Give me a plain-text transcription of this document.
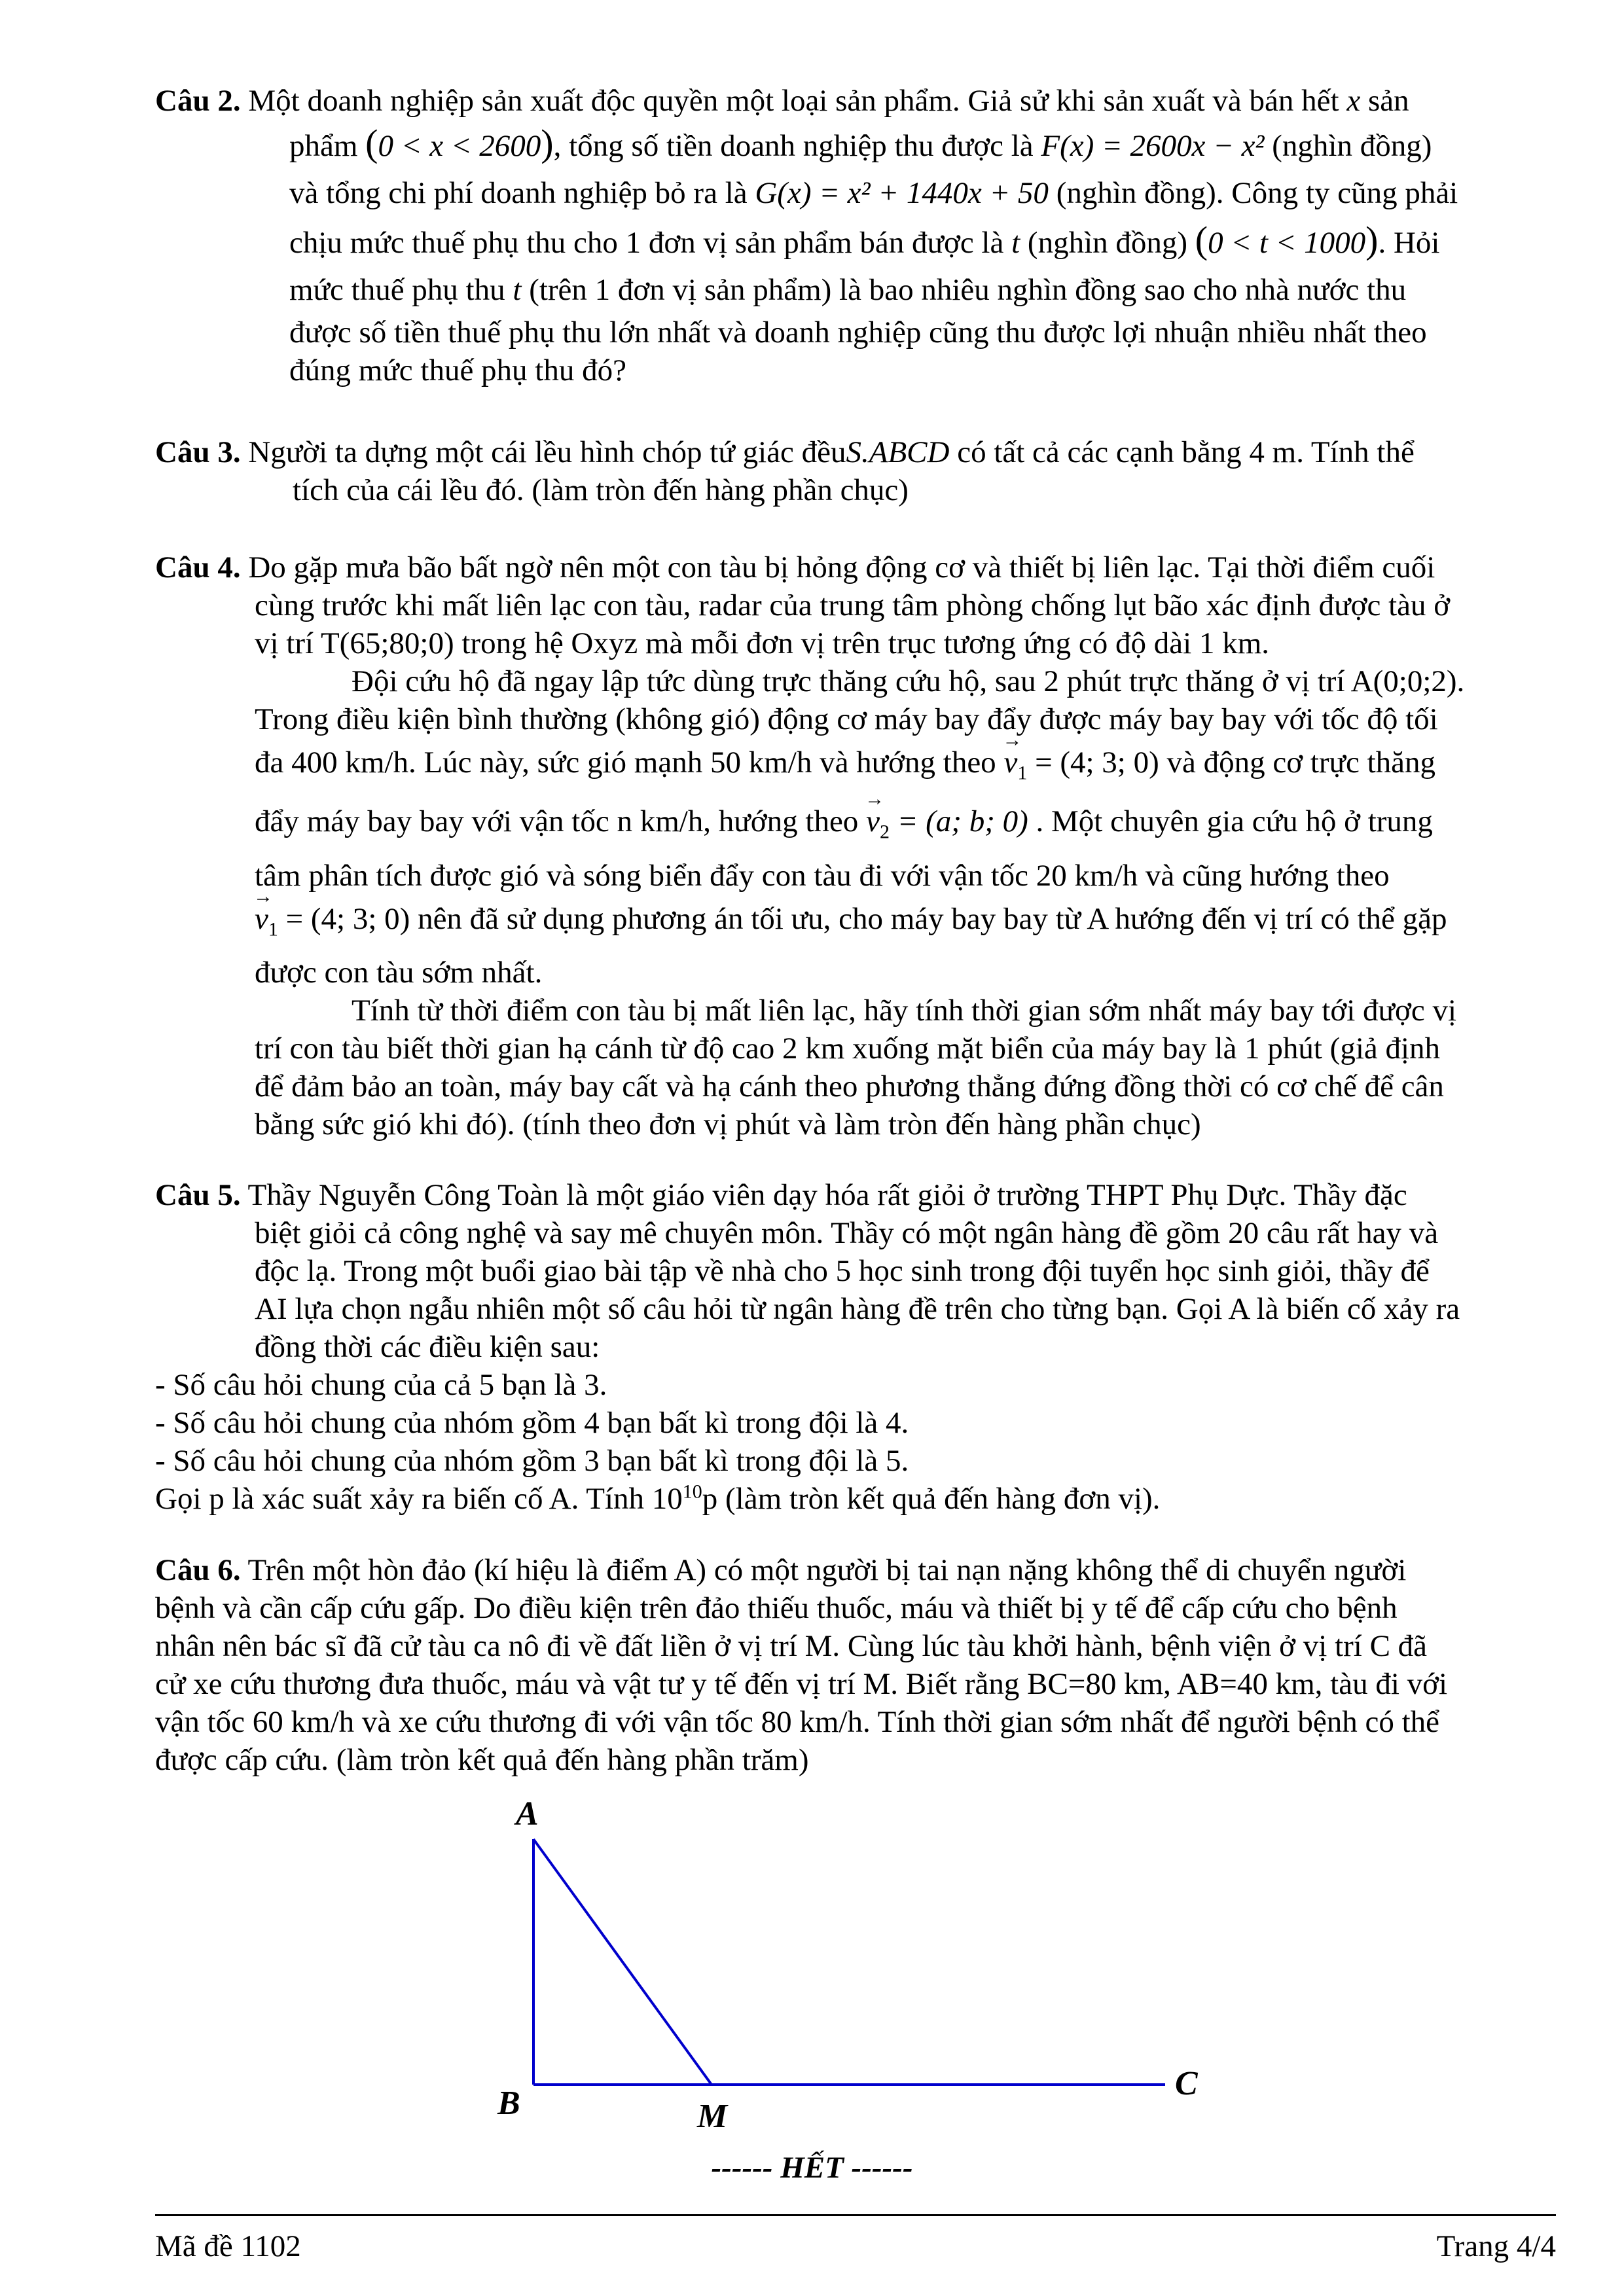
Câu 2. Một doanh nghiệp sản xuất độc quyền một loại sản phẩm. Giả sử khi sản xuất và bán hết x sản

phẩm (0 < x < 2600), tổng số tiền doanh nghiệp thu được là F(x) = 2600x − x² (nghìn đồng)

và tổng chi phí doanh nghiệp bỏ ra là G(x) = x² + 1440x + 50 (nghìn đồng). Công ty cũng phải

chịu mức thuế phụ thu cho 1 đơn vị sản phẩm bán được là t (nghìn đồng) (0 < t < 1000). Hỏi

mức thuế phụ thu t (trên 1 đơn vị sản phẩm) là bao nhiêu nghìn đồng sao cho nhà nước thu

được số tiền thuế phụ thu lớn nhất và doanh nghiệp cũng thu được lợi nhuận nhiều nhất theo

đúng mức thuế phụ thu đó?

Câu 3. Người ta dựng một cái lều hình chóp tứ giác đềuS.ABCD có tất cả các cạnh bằng 4 m. Tính thể

tích của cái lều đó. (làm tròn đến hàng phần chục)

Câu 4. Do gặp mưa bão bất ngờ nên một con tàu bị hỏng động cơ và thiết bị liên lạc. Tại thời điểm cuối

cùng trước khi mất liên lạc con tàu, radar của trung tâm phòng chống lụt bão xác định được tàu ở

vị trí T(65;80;0) trong hệ Oxyz mà mỗi đơn vị trên trục tương ứng có độ dài 1 km.

Đội cứu hộ đã ngay lập tức dùng trực thăng cứu hộ, sau 2 phút trực thăng ở vị trí A(0;0;2).

Trong điều kiện bình thường (không gió) động cơ máy bay đẩy được máy bay bay với tốc độ tối

đa 400 km/h. Lúc này, sức gió mạnh 50 km/h và hướng theo → $v_1 = (4$; 3; 0) và động cơ trực thăng

đẩy máy bay bay với vận tốc n km/h, hướng theo → $v_2 = (a$; b; 0) . Một chuyên gia cứu hộ ở trung

tâm phân tích được gió và sóng biển đẩy con tàu đi với vận tốc 20 km/h và cũng hướng theo

→ $v_1 = (4$; 3; 0) nên đã sử dụng phương án tối ưu, cho máy bay bay từ A hướng đến vị trí có thể gặp

được con tàu sớm nhất.

Tính từ thời điểm con tàu bị mất liên lạc, hãy tính thời gian sớm nhất máy bay tới được vị

trí con tàu biết thời gian hạ cánh từ độ cao 2 km xuống mặt biển của máy bay là 1 phút (giả định

để đảm bảo an toàn, máy bay cất và hạ cánh theo phương thẳng đứng đồng thời có cơ chế để cân

bằng sức gió khi đó). (tính theo đơn vị phút và làm tròn đến hàng phần chục)

Câu 5. Thầy Nguyễn Công Toàn là một giáo viên dạy hóa rất giỏi ở trường THPT Phụ Dực. Thầy đặc

biệt giỏi cả công nghệ và say mê chuyên môn. Thầy có một ngân hàng đề gồm 20 câu rất hay và

độc lạ. Trong một buổi giao bài tập về nhà cho 5 học sinh trong đội tuyển học sinh giỏi, thầy để

AI lựa chọn ngẫu nhiên một số câu hỏi từ ngân hàng đề trên cho từng bạn. Gọi A là biến cố xảy ra

đồng thời các điều kiện sau:

- Số câu hỏi chung của cả 5 bạn là 3.

- Số câu hỏi chung của nhóm gồm 4 bạn bất kì trong đội là 4.

- Số câu hỏi chung của nhóm gồm 3 bạn bất kì trong đội là 5.

Gọi p là xác suất xảy ra biến cố A. Tính $10^{10}p$ (làm tròn kết quả đến hàng đơn vị).

Câu 6. Trên một hòn đảo (kí hiệu là điểm A) có một người bị tai nạn nặng không thể di chuyển người

bệnh và cần cấp cứu gấp. Do điều kiện trên đảo thiếu thuốc, máu và thiết bị y tế để cấp cứu cho bệnh

nhân nên bác sĩ đã cử tàu ca nô đi về đất liền ở vị trí M. Cùng lúc tàu khởi hành, bệnh viện ở vị trí C đã

cử xe cứu thương đưa thuốc, máu và vật tư y tế đến vị trí M. Biết rằng BC=80 km, AB=40 km, tàu đi với

vận tốc 60 km/h và xe cứu thương đi với vận tốc 80 km/h. Tính thời gian sớm nhất để người bệnh có thể

được cấp cứu. (làm tròn kết quả đến hàng phần trăm)

A
B	M
C
------ HẾT ------
Mã đề 1102	Trang 4/4
